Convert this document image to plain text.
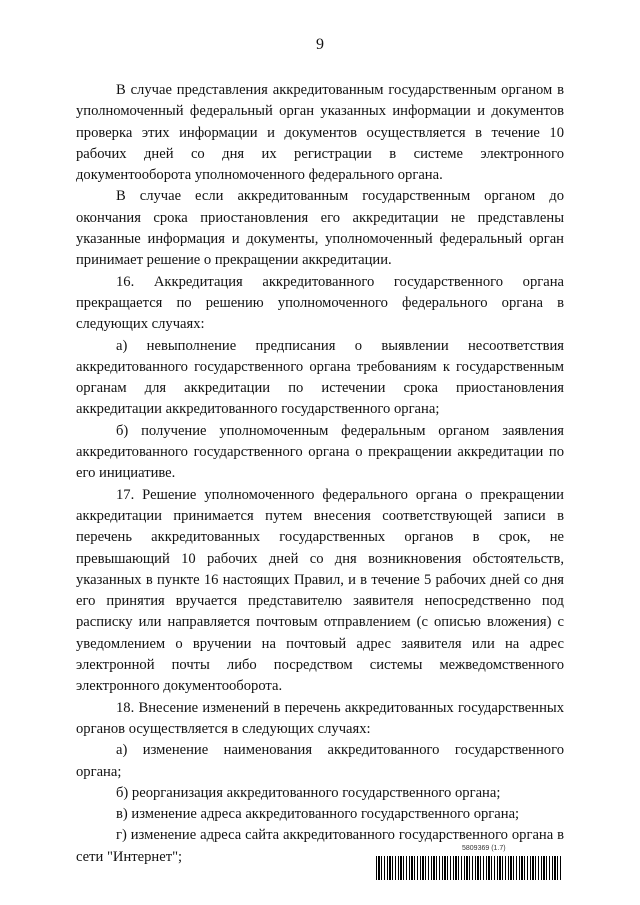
9

В случае представления аккредитованным государственным органом в уполномоченный федеральный орган указанных информации и документов проверка этих информации и документов осуществляется в течение 10 рабочих дней со дня их регистрации в системе электронного документооборота уполномоченного федерального органа.

В случае если аккредитованным государственным органом до окончания срока приостановления его аккредитации не представлены указанные информация и документы, уполномоченный федеральный орган принимает решение о прекращении аккредитации.

16. Аккредитация аккредитованного государственного органа прекращается по решению уполномоченного федерального органа в следующих случаях:

а) невыполнение предписания о выявлении несоответствия аккредитованного государственного органа требованиям к государственным органам для аккредитации по истечении срока приостановления аккредитации аккредитованного государственного органа;

б) получение уполномоченным федеральным органом заявления аккредитованного государственного органа о прекращении аккредитации по его инициативе.

17. Решение уполномоченного федерального органа о прекращении аккредитации принимается путем внесения соответствующей записи в перечень аккредитованных государственных органов в срок, не превышающий 10 рабочих дней со дня возникновения обстоятельств, указанных в пункте 16 настоящих Правил, и в течение 5 рабочих дней со дня его принятия вручается представителю заявителя непосредственно под расписку или направляется почтовым отправлением (с описью вложения) с уведомлением о вручении на почтовый адрес заявителя или на адрес электронной почты либо посредством системы межведомственного электронного документооборота.

18. Внесение изменений в перечень аккредитованных государственных органов осуществляется в следующих случаях:

а) изменение наименования аккредитованного государственного органа;

б) реорганизация аккредитованного государственного органа;

в) изменение адреса аккредитованного государственного органа;

г) изменение адреса сайта аккредитованного государственного органа в сети "Интернет";

5809369 (1.7)
